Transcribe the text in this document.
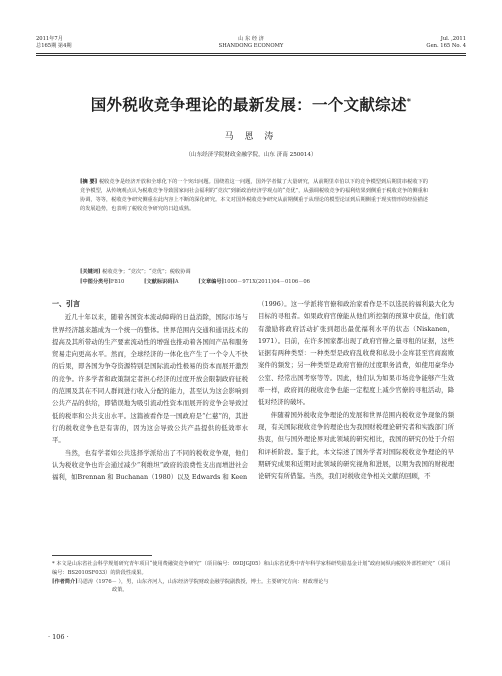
2011年7月
总165期 第4期
山 东 经 济
SHANDONG ECONOMY
Jul. ,2011
Gen. 165 No. 4
国外税收竞争理论的最新发展：一个文献综述*
马 恩 涛
（山东经济学院财政金融学院，山东 济南 250014）
[摘 要] 税收竞争是经济开放和全球化下的一个突出问题。国绕着这一问题，国外学者做了大量研究，从前期里卓伯以下的竞争模型到后期贯串税收下的竞争模型，从传统观点认为税收竞争导致国家间社会福利的“竞次”到新政治经济学观点的“竞优”，从强调税收竞争的福利结果到侧重于税收竞争的侧重和协调，等等，税收竞争研究侧重在此内容上不断的深化研究。本文对国外税收竞争研究从前期侧重于从理论的模型论证到后期侧重于现实情形的经验描述的发展趋势，也表明了税收竞争研究的日趋成熟。
[关键词] 税收竞争；“竞次”；“竞优”；税收协调
[中图分类号]F810	[文献标识码]A	[文章编号]1000－971X(2011)04－0106－06
一、引言

近几十年以来，随着各国资本流动障碍的日益消除，国际市场与世界经济越来越成为一个统一的整体。世界范围内交通和通讯技术的提高及其所带动的生产要素流动性的增强也推动着各国间产品和服务贸易走向更高水平。然而，全球经济的一体化也产生了一个令人不快的后果，即各国为争夺资源特别是国际流动性极易的资本而展开激烈的竞争。许多学者和政策制定者担心经济的过度开放会限制政府征税的范围及其在不同人群间进行收入分配的能力，甚至认为这会影响到公共产品的供给，即错误地为吸引流动性资本而展开的竞争会导致过低的税率和公共支出水平。这篇被看作是一国政府是“仁慈”的，其进行的税收竞争也是有害的，因为这会导致公共产品提供的低效率水平。

当然，也有学者如公共选择学派给出了不同的税收竞争观，他们认为税收竞争也许会通过减少“利维坦”政府的浪费性支出而增进社会福利，如Brennan 和 Buchanan（1980）以及 Edwards 和 Keen

（1996）。这一学派将官僚和政治家看作是不以选民的福利最大化为目标的寻租者。如果政府官僚能从他们所控制的预算中获益，他们就有激励将政府活动扩张到超出最优福利水平的状态（Niskanen，1971）。目前，在许多国家都出现了政府官僚之量寻租的证据，这些证据有两种类型：一种类型是政府乱收费和私设小金库甚至官商腐败案件的频发；另一种类型是政府官僚的过度职务消费，如使用豪华办公室、经常出国考察等等。因此，他们认为如果市场竞争能够产生效率一样，政府间的税收竞争也能一定程度上减少官僚的寻租活动，降低对经济的破坏。

伴随着国外税收竞争理论的发展和世界范围内税收竞争现象的频现，有关国际税收竞争的理论也为我国财税理论研究者和实践部门所热衷，但与国外理论界对此领域的研究相比，我国的研究仍处于介绍和评析阶段。鉴于此，本文综述了国外学者对国际税收竞争理论的早期研究成果和近期对此领域的研究视角和进展，以期为我国的财税理论研究有所借鉴。当然，我们对税收竞争相关文献的回顾，不

* 本文是山东省社会科学规划研究青年项目“使用费融资竞争研究”（项目编号：09DJGJ05）和山东省优秀中青年科学家科研奖励基金计划“政府间纵向税收外部性研究”（项目编号：BS2010SF033）的阶段性成果。

[作者简介]马恩涛（1976－ ），男，山东齐河人，山东经济学院财政金融学院副教授，博士。主要研究方向：财政理论与

政策。

· 106 ·
